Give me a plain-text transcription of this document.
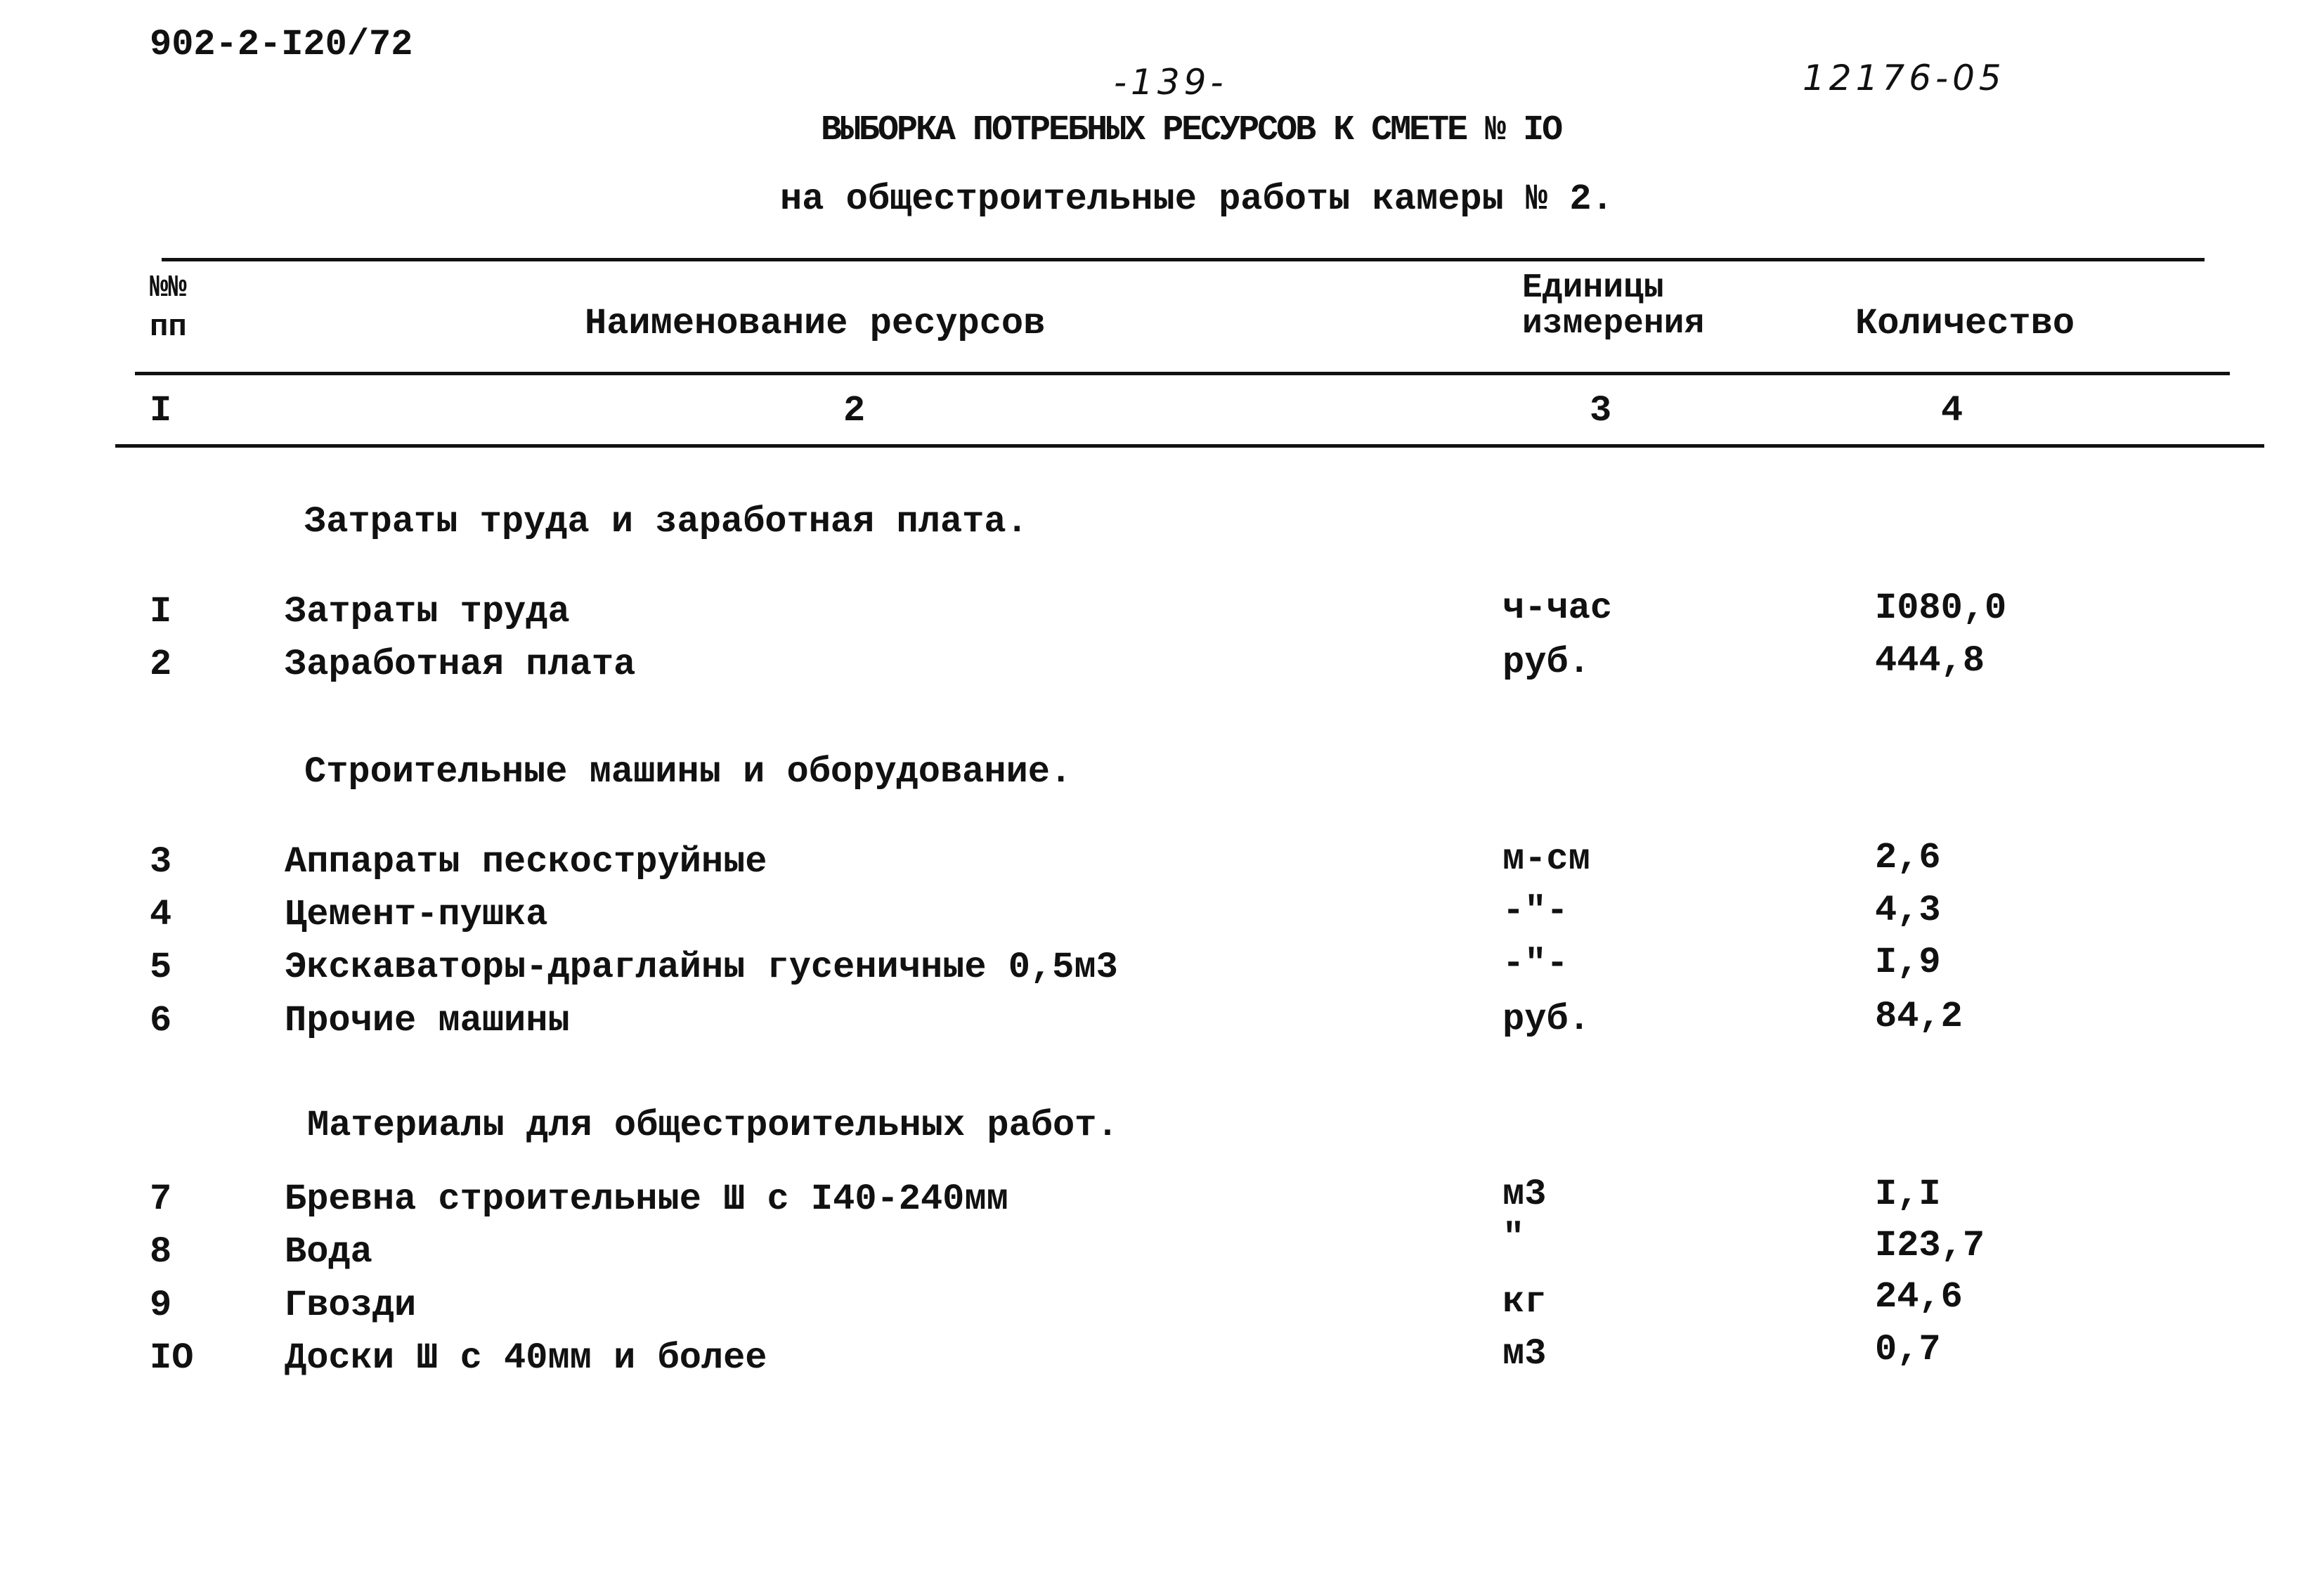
902-2-I20/72
-139-	12176-05
ВЫБОРКА ПОТРЕБНЫХ РЕСУРСОВ К СМЕТЕ № IO
на общестроительные работы камеры № 2.
№№
пп	Наименование ресурсов
Единицы
измерения	Количество
I	2	3	4
Затраты труда и заработная плата.
I	Затраты труда	ч-час	I080,0
2	Заработная плата	руб.	444,8
Строительные машины и оборудование.
3	Аппараты пескоструйные	м-см	2,6
4	Цемент-пушка	-"-	4,3
5	Экскаваторы-драглайны гусеничные 0,5м3	-"-	I,9
6	Прочие машины	руб.	84,2
Материалы для общестроительных работ.
7	Бревна строительные Ш с I40-240мм	м3	I,I
8	Вода	"	I23,7
9	Гвозди	кг	24,6
IO Доски Ш с 40мм и более	м3	0,7
